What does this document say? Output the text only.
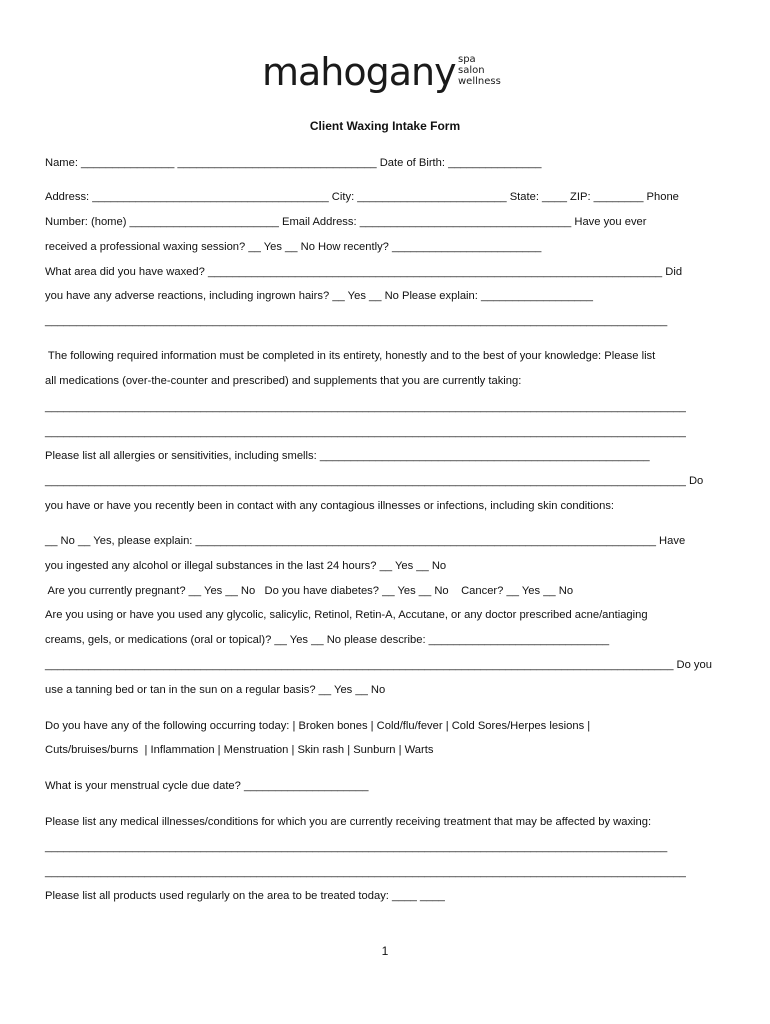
mahogany spa
salon
wellness
Client Waxing Intake Form
Name: _______________ ________________________________ Date of Birth: _______________
Address: ______________________________________ City: ________________________ State: ____ ZIP: ________ Phone
Number: (home) ________________________ Email Address: __________________________________ Have you ever
received a professional waxing session? __ Yes __ No How recently? ________________________
What area did you have waxed? _________________________________________________________________________ Did
you have any adverse reactions, including ingrown hairs? __ Yes __ No Please explain: __________________
____________________________________________________________________________________________________
The following required information must be completed in its entirety, honestly and to the best of your knowledge: Please list
all medications (over-the-counter and prescribed) and supplements that you are currently taking:
_______________________________________________________________________________________________________
_______________________________________________________________________________________________________
Please list all allergies or sensitivities, including smells: _____________________________________________________
_______________________________________________________________________________________________________ Do
you have or have you recently been in contact with any contagious illnesses or infections, including skin conditions:
__ No __ Yes, please explain: __________________________________________________________________________ Have
you ingested any alcohol or illegal substances in the last 24 hours? __ Yes __ No
Are you currently pregnant? __ Yes __ No   Do you have diabetes? __ Yes __ No    Cancer? __ Yes __ No
Are you using or have you used any glycolic, salicylic, Retinol, Retin-A, Accutane, or any doctor prescribed acne/antiaging
creams, gels, or medications (oral or topical)? __ Yes __ No please describe: _____________________________
_____________________________________________________________________________________________________ Do you
use a tanning bed or tan in the sun on a regular basis? __ Yes __ No
Do you have any of the following occurring today: | Broken bones | Cold/flu/fever | Cold Sores/Herpes lesions |
Cuts/bruises/burns  | Inflammation | Menstruation | Skin rash | Sunburn | Warts
What is your menstrual cycle due date? ____________________
Please list any medical illnesses/conditions for which you are currently receiving treatment that may be affected by waxing:
____________________________________________________________________________________________________
_______________________________________________________________________________________________________
Please list all products used regularly on the area to be treated today: ____ ____
1
